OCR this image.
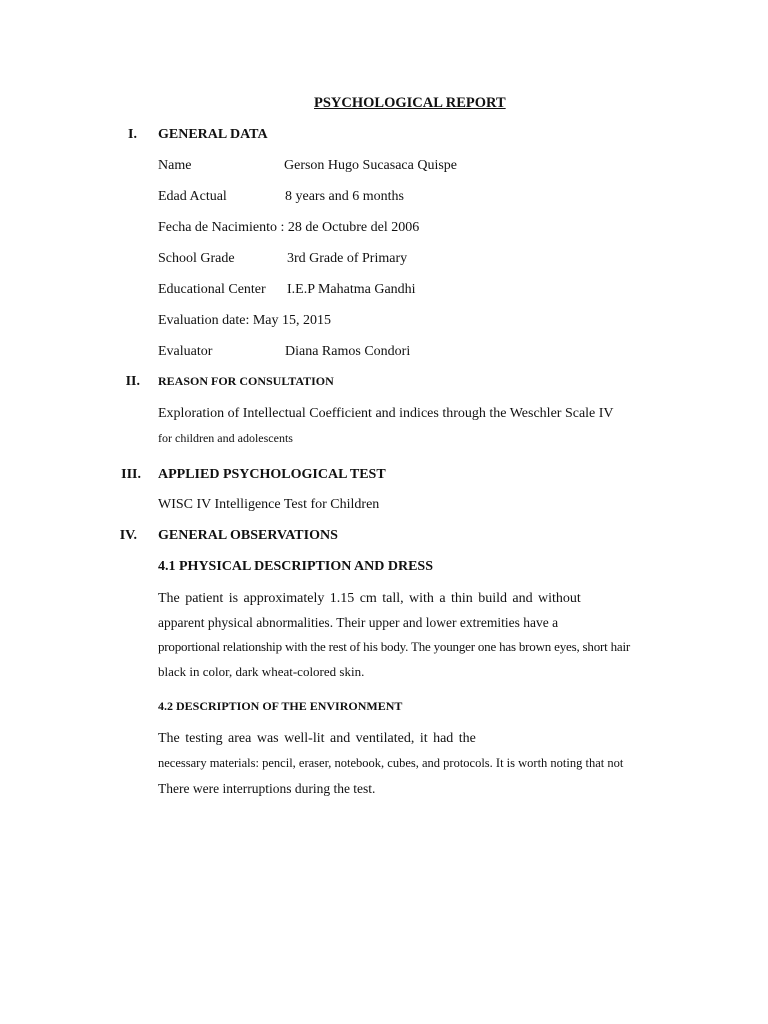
PSYCHOLOGICAL REPORT
I. GENERAL DATA
Name	Gerson Hugo Sucasaca Quispe
Edad Actual	8 years and 6 months
Fecha de Nacimiento : 28 de Octubre del 2006
School Grade	3rd Grade of Primary
Educational Center I.E.P Mahatma Gandhi
Evaluation date: May 15, 2015
Evaluator	Diana Ramos Condori
II. REASON FOR CONSULTATION
Exploration of Intellectual Coefficient and indices through the Weschler Scale IV
for children and adolescents
III. APPLIED PSYCHOLOGICAL TEST
WISC IV Intelligence Test for Children
IV. GENERAL OBSERVATIONS
4.1 PHYSICAL DESCRIPTION AND DRESS
The patient is approximately 1.15 cm tall, with a thin build and without
apparent physical abnormalities. Their upper and lower extremities have a
proportional relationship with the rest of his body. The younger one has brown eyes, short hair
black in color, dark wheat-colored skin.
4.2 DESCRIPTION OF THE ENVIRONMENT
The testing area was well-lit and ventilated, it had the
necessary materials: pencil, eraser, notebook, cubes, and protocols. It is worth noting that not
There were interruptions during the test.
